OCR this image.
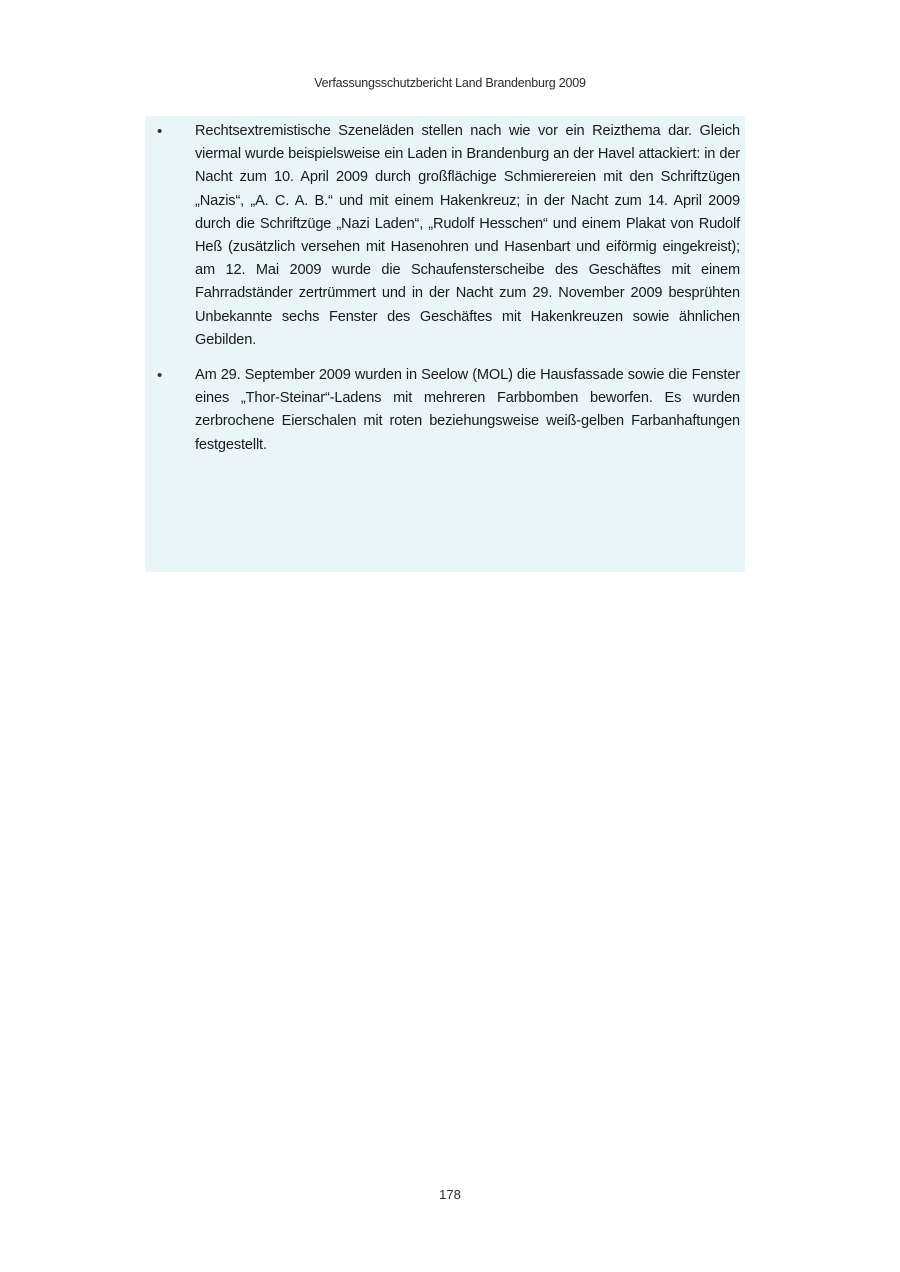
Verfassungsschutzbericht Land Brandenburg 2009
• Rechtsextremistische Szeneläden stellen nach wie vor ein Reizthema dar. Gleich viermal wurde beispielsweise ein Laden in Brandenburg an der Havel attackiert: in der Nacht zum 10. April 2009 durch großflächige Schmierereien mit den Schriftzügen „Nazis“, „A. C. A. B.“ und mit einem Hakenkreuz; in der Nacht zum 14. April 2009 durch die Schriftzüge „Nazi Laden“, „Rudolf Hesschen“ und einem Plakat von Rudolf Heß (zusätzlich versehen mit Hasenohren und Hasenbart und eiförmig eingekreist); am 12. Mai 2009 wurde die Schaufensterscheibe des Geschäftes mit einem Fahrradständer zertrümmert und in der Nacht zum 29. November 2009 besprühten Unbekannte sechs Fenster des Geschäftes mit Hakenkreuzen sowie ähnlichen Gebilden.
• Am 29. September 2009 wurden in Seelow (MOL) die Hausfassade sowie die Fenster eines „Thor-Steinar“-Ladens mit mehreren Farbbomben beworfen. Es wurden zerbrochene Eierschalen mit roten beziehungsweise weiß-gelben Farbanhaftungen festgestellt.
178
